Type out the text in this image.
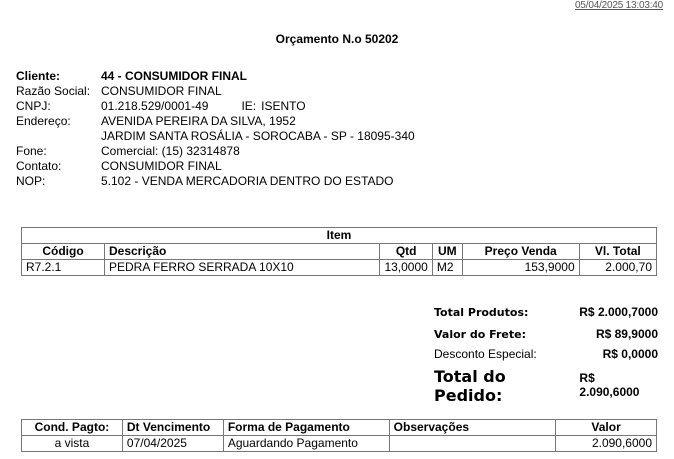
05/04/2025 13:03:40
Orçamento N.o 50202
Cliente:	44 - CONSUMIDOR FINAL
Razão Social: CONSUMIDOR FINAL
CNPJ:	01.218.529/0001-49	IE: ISENTO
Endereço:	AVENIDA PEREIRA DA SILVA, 1952
JARDIM SANTA ROSÁLIA - SOROCABA - SP - 18095-340
Fone:	Comercial: (15) 32314878
Contato:	CONSUMIDOR FINAL
NOP:	5.102 - VENDA MERCADORIA DENTRO DO ESTADO
Item					
Código	Descrição	Qtd	UM	Preço Venda	Vl. Total
R7.2.1	PEDRA FERRO SERRADA 10X10	13,0000	M2	153,9000	2.000,70
Total Produtos:	R$ 2.000,7000
Valor do Frete:	R$ 89,9000
Desconto Especial:	R$ 0,0000
Total do Pedido:
R$ 2.090,6000
Cond. Pagto:	Dt Vencimento	Forma de Pagamento	Observações	Valor
a vista	07/04/2025	Aguardando Pagamento		2.090,6000
